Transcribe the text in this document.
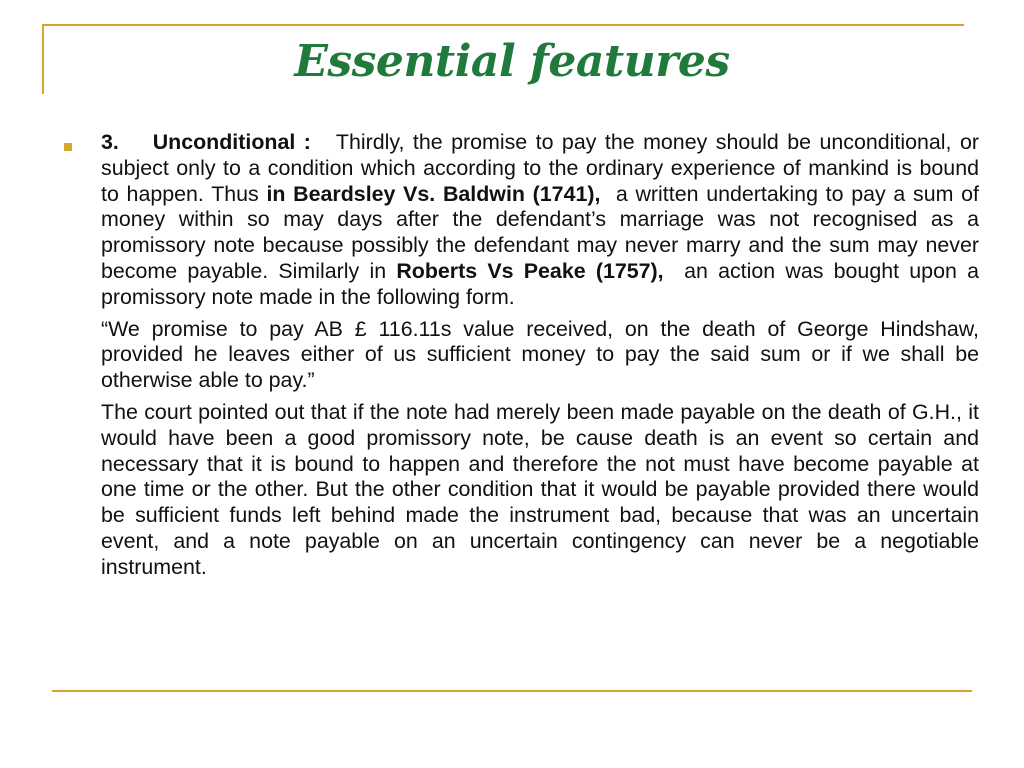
Essential features

3. Unconditional : Thirdly, the promise to pay the money should be unconditional, or subject only to a condition which according to the ordinary experience of mankind is bound to happen. Thus in Beardsley Vs. Baldwin (1741), a written undertaking to pay a sum of money within so may days after the defendant’s marriage was not recognised as a promissory note because possibly the defendant may never marry and the sum may never become payable. Similarly in Roberts Vs Peake (1757), an action was bought upon a promissory note made in the following form.

“We promise to pay AB £ 116.11s value received, on the death of George Hindshaw, provided he leaves either of us sufficient money to pay the said sum or if we shall be otherwise able to pay.”

The court pointed out that if the note had merely been made payable on the death of G.H., it would have been a good promissory note, be cause death is an event so certain and necessary that it is bound to happen and therefore the not must have become payable at one time or the other. But the other condition that it would be payable provided there would be sufficient funds left behind made the instrument bad, because that was an uncertain event, and a note payable on an uncertain contingency can never be a negotiable instrument.
